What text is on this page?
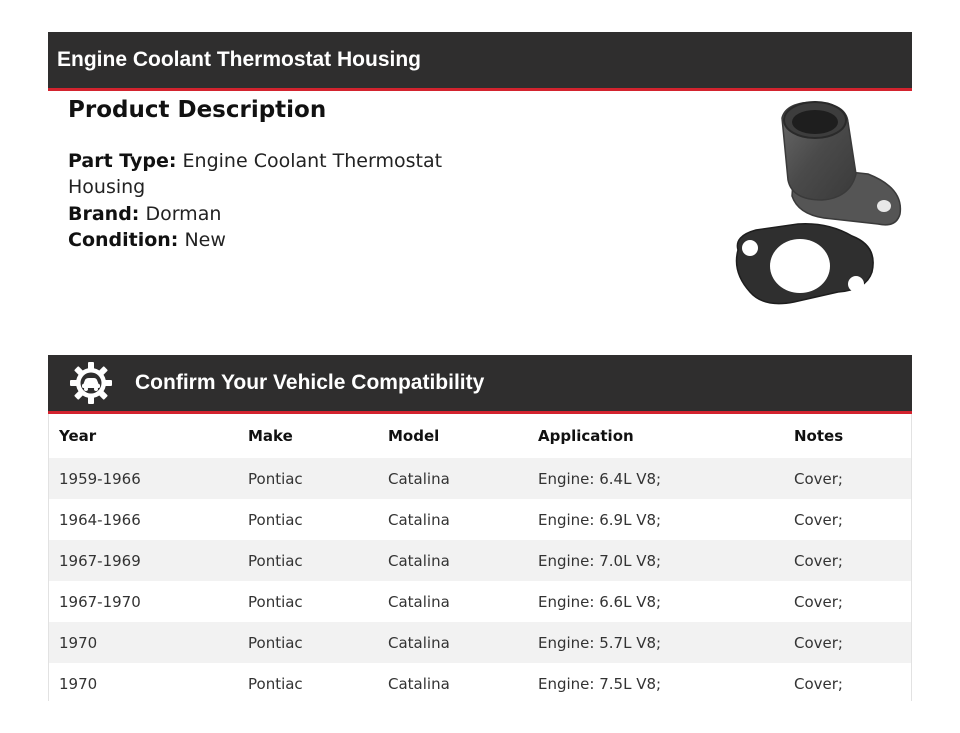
Engine Coolant Thermostat Housing
Product Description
Part Type: Engine Coolant Thermostat Housing
Brand: Dorman
Condition: New
Confirm Your Vehicle Compatibility
Year	Make	Model	Application	Notes
1959-1966	Pontiac	Catalina	Engine: 6.4L V8;	Cover;
1964-1966	Pontiac	Catalina	Engine: 6.9L V8;	Cover;
1967-1969	Pontiac	Catalina	Engine: 7.0L V8;	Cover;
1967-1970	Pontiac	Catalina	Engine: 6.6L V8;	Cover;
1970	Pontiac	Catalina	Engine: 5.7L V8;	Cover;
1970	Pontiac	Catalina	Engine: 7.5L V8;	Cover;
